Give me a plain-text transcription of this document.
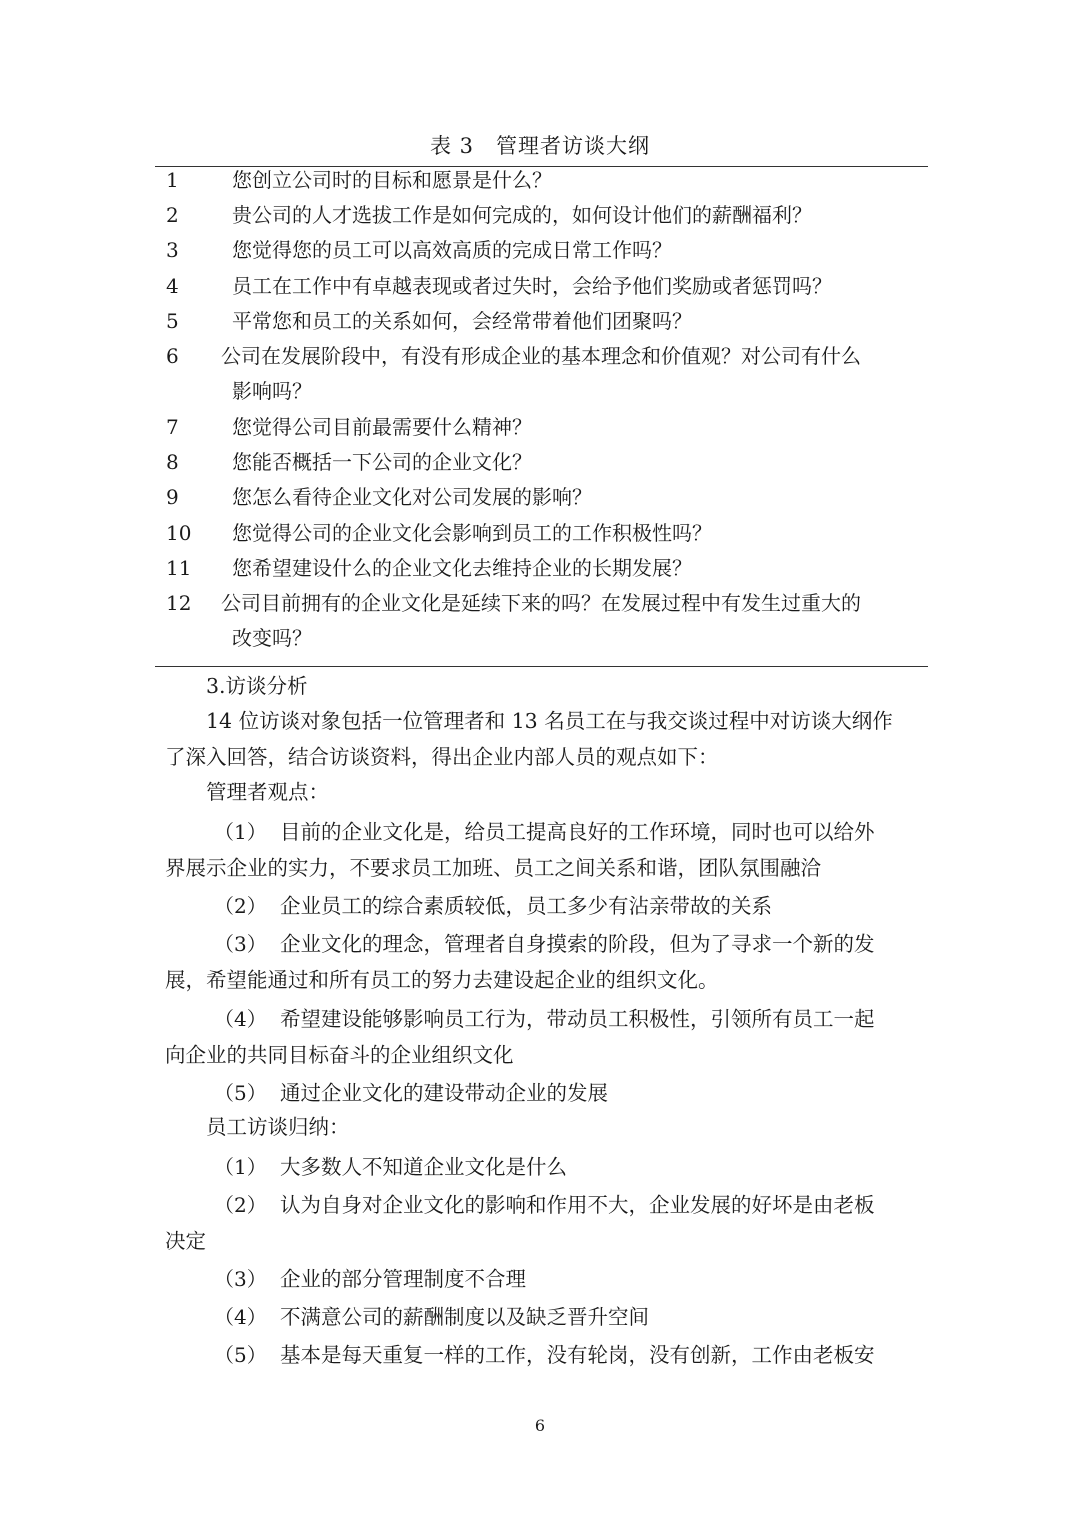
表 3　管理者访谈大纲
1	您创立公司时的目标和愿景是什么？
2	贵公司的人才选拔工作是如何完成的，如何设计他们的薪酬福利？
3	您觉得您的员工可以高效高质的完成日常工作吗？
4	员工在工作中有卓越表现或者过失时，会给予他们奖励或者惩罚吗？
5	平常您和员工的关系如何，会经常带着他们团聚吗？
6 公司在发展阶段中，有没有形成企业的基本理念和价值观？对公司有什么
影响吗？
7	您觉得公司目前最需要什么精神？
8	您能否概括一下公司的企业文化？
9	您怎么看待企业文化对公司发展的影响？
10 您觉得公司的企业文化会影响到员工的工作积极性吗？
11 您希望建设什么的企业文化去维持企业的长期发展？
12 公司目前拥有的企业文化是延续下来的吗？在发展过程中有发生过重大的
改变吗？
3.访谈分析
14 位访谈对象包括一位管理者和 13 名员工在与我交谈过程中对访谈大纲作
了深入回答，结合访谈资料，得出企业内部人员的观点如下：
管理者观点：
（1） 目前的企业文化是，给员工提高良好的工作环境，同时也可以给外
界展示企业的实力，不要求员工加班、员工之间关系和谐，团队氛围融洽
（2） 企业员工的综合素质较低，员工多少有沾亲带故的关系
（3） 企业文化的理念，管理者自身摸索的阶段，但为了寻求一个新的发
展，希望能通过和所有员工的努力去建设起企业的组织文化。
（4） 希望建设能够影响员工行为，带动员工积极性，引领所有员工一起
向企业的共同目标奋斗的企业组织文化
（5） 通过企业文化的建设带动企业的发展
员工访谈归纳：
（1） 大多数人不知道企业文化是什么
（2） 认为自身对企业文化的影响和作用不大，企业发展的好坏是由老板
决定
（3） 企业的部分管理制度不合理
（4） 不满意公司的薪酬制度以及缺乏晋升空间
（5） 基本是每天重复一样的工作，没有轮岗，没有创新，工作由老板安
6
